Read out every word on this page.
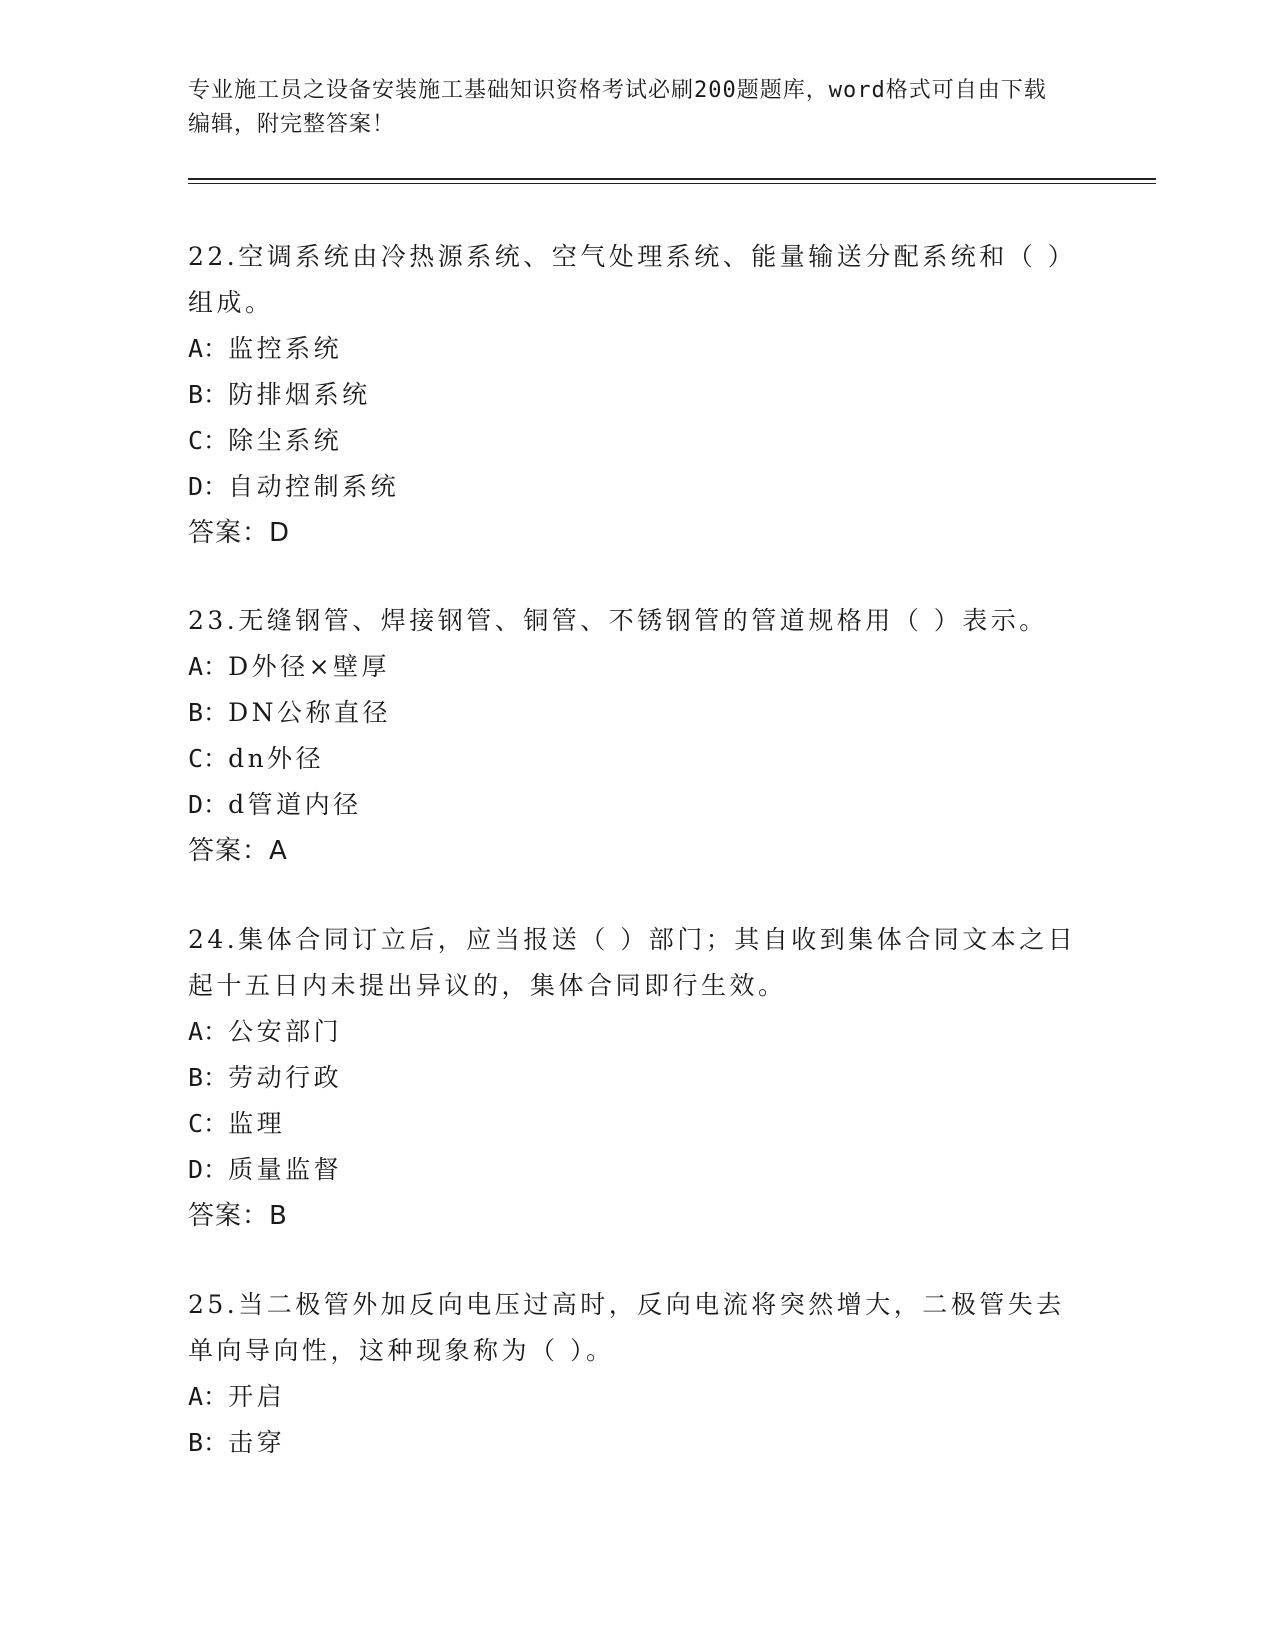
专业施工员之设备安装施工基础知识资格考试必刷200题题库，word格式可自由下载编辑，附完整答案！

22.空调系统由冷热源系统、空气处理系统、能量输送分配系统和（ ）组成。

A：监控系统

B：防排烟系统

C：除尘系统

D：自动控制系统

答案：D

23.无缝钢管、焊接钢管、铜管、不锈钢管的管道规格用（ ）表示。

A：D外径×壁厚

B：DN公称直径

C：dn外径

D：d管道内径

答案：A

24.集体合同订立后，应当报送（ ）部门；其自收到集体合同文本之日起十五日内未提出异议的，集体合同即行生效。

A：公安部门

B：劳动行政

C：监理

D：质量监督

答案：B

25.当二极管外加反向电压过高时，反向电流将突然增大，二极管失去单向导向性，这种现象称为（ ）。

A：开启

B：击穿
